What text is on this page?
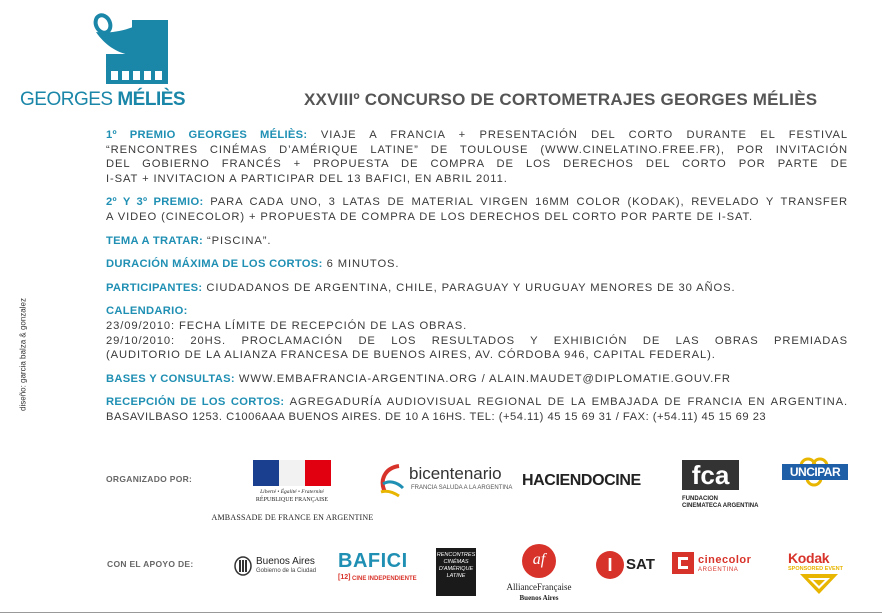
GEORGES MÉLIÈS	XXVIIIº CONCURSO DE CORTOMETRAJES GEORGES MÉLIÈS
diseño: garcia balza & gonzalez
1º PREMIO GEORGES MÉLIÈS: VIAJE A FRANCIA + PRESENTACIÓN DEL CORTO DURANTE EL FESTIVAL
“RENCONTRES CINÉMAS D’AMÉRIQUE LATINE” DE TOULOUSE (WWW.CINELATINO.FREE.FR), POR INVITACIÓN
DEL GOBIERNO FRANCÉS + PROPUESTA DE COMPRA DE LOS DERECHOS DEL CORTO POR PARTE DE
I-SAT + INVITACION A PARTICIPAR DEL 13 BAFICI, EN ABRIL 2011.
2º Y 3º PREMIO: PARA CADA UNO, 3 LATAS DE MATERIAL VIRGEN 16MM COLOR (KODAK), REVELADO Y TRANSFER
A VIDEO (CINECOLOR) + PROPUESTA DE COMPRA DE LOS DERECHOS DEL CORTO POR PARTE DE I-SAT.
TEMA A TRATAR: “PISCINA”.
DURACIÓN MÁXIMA DE LOS CORTOS: 6 MINUTOS.
PARTICIPANTES: CIUDADANOS DE ARGENTINA, CHILE, PARAGUAY Y URUGUAY MENORES DE 30 AÑOS.
CALENDARIO:
23/09/2010: FECHA LÍMITE DE RECEPCIÓN DE LAS OBRAS.
29/10/2010: 20HS. PROCLAMACIÓN DE LOS RESULTADOS Y EXHIBICIÓN DE LAS OBRAS PREMIADAS
(AUDITORIO DE LA ALIANZA FRANCESA DE BUENOS AIRES, AV. CÓRDOBA 946, CAPITAL FEDERAL).
BASES Y CONSULTAS: WWW.EMBAFRANCIA-ARGENTINA.ORG / ALAIN.MAUDET@DIPLOMATIE.GOUV.FR
RECEPCIÓN DE LOS CORTOS: AGREGADURÍA AUDIOVISUAL REGIONAL DE LA EMBAJADA DE FRANCIA EN ARGENTINA.
BASAVILBASO 1253. C1006AAA BUENOS AIRES. DE 10 A 16HS. TEL: (+54.11) 45 15 69 31 / FAX: (+54.11) 45 15 69 23
ORGANIZADO POR:
Liberté • Égalité • Fraternité
RÉPUBLIQUE FRANÇAISE
AMBASSADE DE FRANCE EN ARGENTINE
bicentenario
FRANCIA SALUDA A LA ARGENTINA HACIENDOCINE	fca
FUNDACION
CINEMATECA ARGENTINA
UNCIPAR
CON EL APOYO DE:	Buenos Aires
Gobierno de la Ciudad BAFICI
[12] CINE INDEPENDIENTE
RENCONTRES CINÉMAS D'AMÉRIQUE LATINE
af
AllianceFrançaise
Buenos Aires
I SAT	cinecolor
ARGENTINA
Kodak
SPONSORED EVENT
